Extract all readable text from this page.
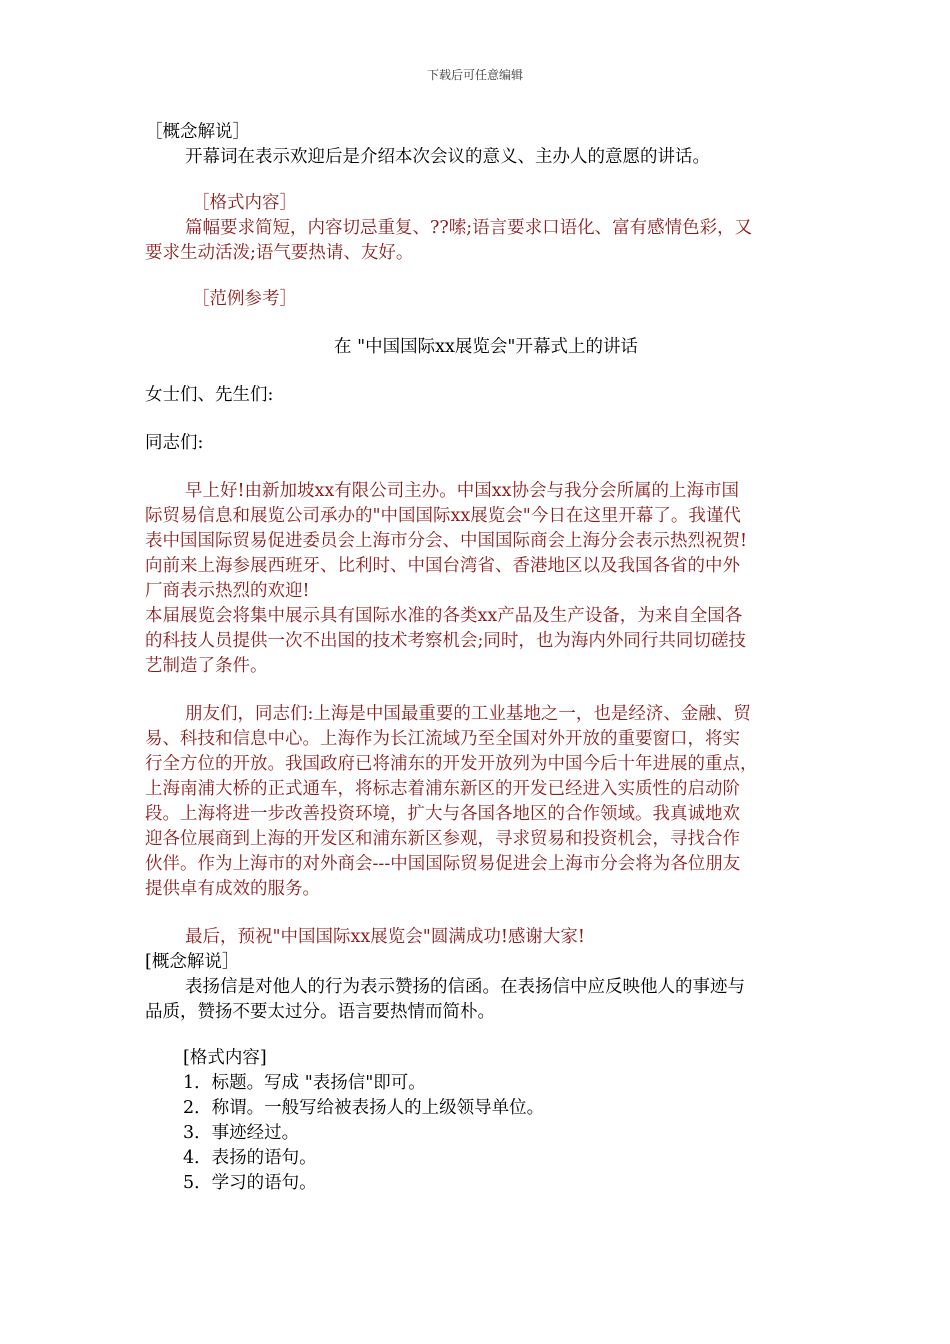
下载后可任意编辑
［概念解说］
开幕词在表示欢迎后是介绍本次会议的意义、主办人的意愿的讲话。
［格式内容］
篇幅要求简短，内容切忌重复、??嗦;语言要求口语化、富有感情色彩，又
要求生动活泼;语气要热请、友好。
［范例参考］
在 "中国国际xx展览会"开幕式上的讲话
女士们、先生们:
同志们:
早上好!由新加坡xx有限公司主办。中国xx协会与我分会所属的上海市国
际贸易信息和展览公司承办的"中国国际xx展览会"今日在这里开幕了。我谨代
表中国国际贸易促进委员会上海市分会、中国国际商会上海分会表示热烈祝贺!
向前来上海参展西班牙、比利时、中国台湾省、香港地区以及我国各省的中外
厂商表示热烈的欢迎!
本届展览会将集中展示具有国际水准的各类xx产品及生产设备，为来自全国各
的科技人员提供一次不出国的技术考察机会;同时，也为海内外同行共同切磋技
艺制造了条件。
朋友们，同志们:上海是中国最重要的工业基地之一，也是经济、金融、贸
易、科技和信息中心。上海作为长江流域乃至全国对外开放的重要窗口，将实
行全方位的开放。我国政府已将浦东的开发开放列为中国今后十年进展的重点，
上海南浦大桥的正式通车，将标志着浦东新区的开发已经进入实质性的启动阶
段。上海将进一步改善投资环境，扩大与各国各地区的合作领域。我真诚地欢
迎各位展商到上海的开发区和浦东新区参观，寻求贸易和投资机会，寻找合作
伙伴。作为上海市的对外商会---中国国际贸易促进会上海市分会将为各位朋友
提供卓有成效的服务。
最后，预祝"中国国际xx展览会"圆满成功!感谢大家!
[概念解说］
表扬信是对他人的行为表示赞扬的信函。在表扬信中应反映他人的事迹与
品质，赞扬不要太过分。语言要热情而简朴。
[格式内容]
1．标题。写成 "表扬信"即可。
2．称谓。一般写给被表扬人的上级领导单位。
3．事迹经过。
4．表扬的语句。
5．学习的语句。
